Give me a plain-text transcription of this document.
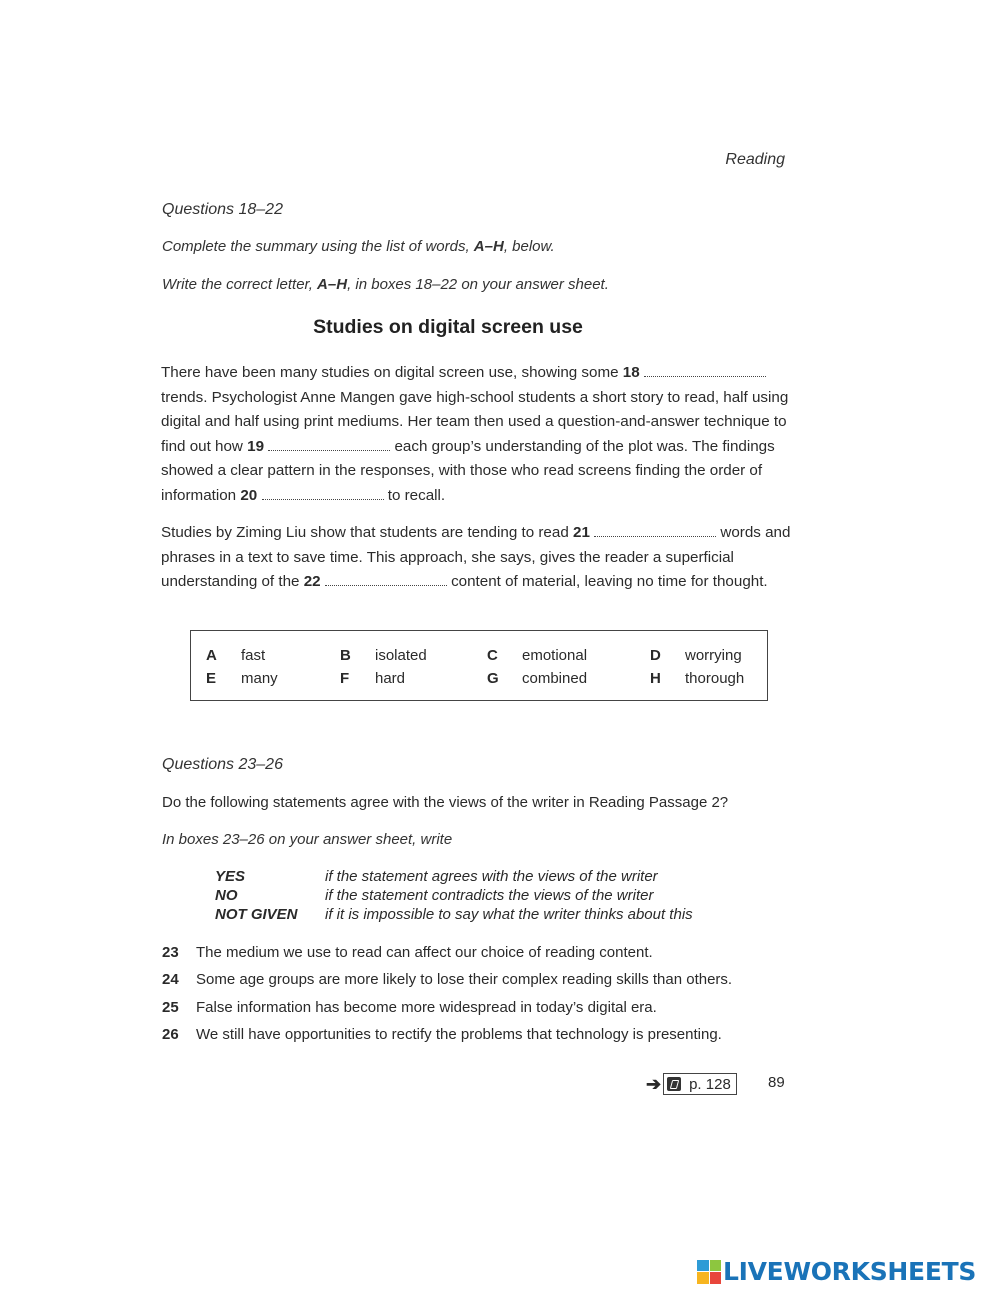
Reading
Questions 18–22
Complete the summary using the list of words, A–H, below.
Write the correct letter, A–H, in boxes 18–22 on your answer sheet.
Studies on digital screen use
There have been many studies on digital screen use, showing some 18  trends. Psychologist Anne Mangen gave high-school students a short story to read, half using digital and half using print mediums. Her team then used a question-and-answer technique to find out how 19	each group’s understanding of the plot was. The findings showed a clear pattern in the responses, with those who read screens finding the order of information 20	to recall.
Studies by Ziming Liu show that students are tending to read 21	words and phrases in a text to save time. This approach, she says, gives the reader a superficial understanding of the 22	content of material, leaving no time for thought.
A fast	B isolated	C emotional	D worrying
E many	F hard	G combined	H thorough
Questions 23–26
Do the following statements agree with the views of the writer in Reading Passage 2?
In boxes 23–26 on your answer sheet, write
YES	if the statement agrees with the views of the writer
NO	if the statement contradicts the views of the writer
NOT GIVEN if it is impossible to say what the writer thinks about this
23 The medium we use to read can affect our choice of reading content.
24 Some age groups are more likely to lose their complex reading skills than others.
25 False information has become more widespread in today’s digital era.
26 We still have opportunities to rectify the problems that technology is presenting.
➔ p. 128 89
LIVEWORKSHEETS
